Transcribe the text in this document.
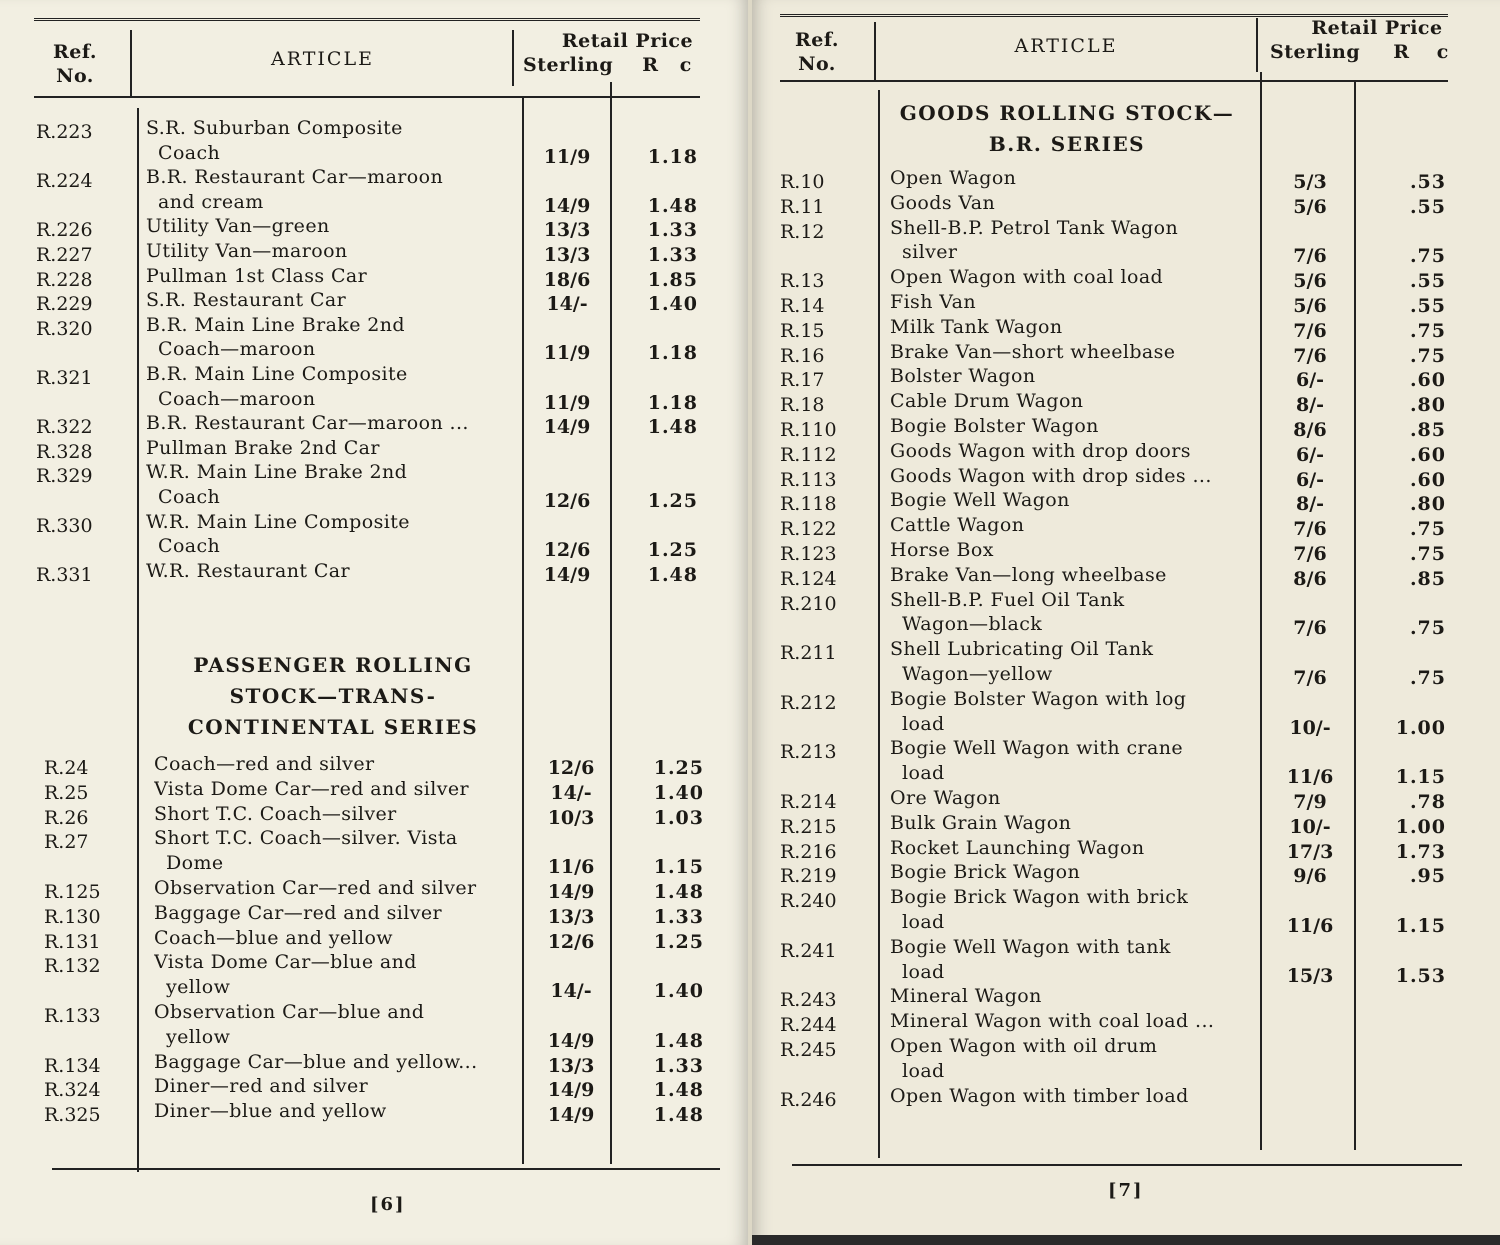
Ref.
No.
ARTICLE
Retail Price
Sterling R c
R.223	S.R. Suburban Composite
Coach	11/9	1.18
R.224	B.R. Restaurant Car—maroon
and cream	14/9	1.48
R.226	Utility Van—green	13/3	1.33
R.227	Utility Van—maroon	13/3	1.33
R.228	Pullman 1st Class Car	18/6	1.85
R.229	S.R. Restaurant Car	14/-	1.40
R.320	B.R. Main Line Brake 2nd
Coach—maroon	11/9	1.18
R.321	B.R. Main Line Composite
Coach—maroon	11/9	1.18
R.322	B.R. Restaurant Car—maroon ...	14/9	1.48
R.328	Pullman Brake 2nd Car
R.329	W.R. Main Line Brake 2nd
Coach	12/6	1.25
R.330	W.R. Main Line Composite
Coach	12/6	1.25
R.331	W.R. Restaurant Car	14/9	1.48
PASSENGER ROLLING
STOCK—TRANS-
CONTINENTAL SERIES
R.24	Coach—red and silver	12/6	1.25
R.25	Vista Dome Car—red and silver	14/-	1.40
R.26	Short T.C. Coach—silver	10/3	1.03
R.27	Short T.C. Coach—silver. Vista
Dome	11/6	1.15
R.125	Observation Car—red and silver	14/9	1.48
R.130	Baggage Car—red and silver	13/3	1.33
R.131	Coach—blue and yellow	12/6	1.25
R.132	Vista Dome Car—blue and
yellow	14/-	1.40
R.133	Observation Car—blue and
yellow	14/9	1.48
R.134	Baggage Car—blue and yellow...	13/3	1.33
R.324	Diner—red and silver	14/9	1.48
R.325	Diner—blue and yellow	14/9	1.48
[6]
Ref.
No.
ARTICLE
Retail Price
Sterling R c
GOODS ROLLING STOCK—
B.R. SERIES
R.10	Open Wagon	5/3	.53
R.11	Goods Van	5/6	.55
R.12	Shell-B.P. Petrol Tank Wagon
silver	7/6	.75
R.13	Open Wagon with coal load	5/6	.55
R.14	Fish Van	5/6	.55
R.15	Milk Tank Wagon	7/6	.75
R.16	Brake Van—short wheelbase	7/6	.75
R.17	Bolster Wagon	6/-	.60
R.18	Cable Drum Wagon	8/-	.80
R.110	Bogie Bolster Wagon	8/6	.85
R.112	Goods Wagon with drop doors	6/-	.60
R.113	Goods Wagon with drop sides ...	6/-	.60
R.118	Bogie Well Wagon	8/-	.80
R.122	Cattle Wagon	7/6	.75
R.123	Horse Box	7/6	.75
R.124	Brake Van—long wheelbase	8/6	.85
R.210	Shell-B.P. Fuel Oil Tank
Wagon—black	7/6	.75
R.211	Shell Lubricating Oil Tank
Wagon—yellow	7/6	.75
R.212	Bogie Bolster Wagon with log
load	10/-	1.00
R.213	Bogie Well Wagon with crane
load	11/6	1.15
R.214	Ore Wagon	7/9	.78
R.215	Bulk Grain Wagon	10/-	1.00
R.216	Rocket Launching Wagon	17/3	1.73
R.219	Bogie Brick Wagon	9/6	.95
R.240	Bogie Brick Wagon with brick
load	11/6	1.15
R.241	Bogie Well Wagon with tank
load	15/3	1.53
R.243	Mineral Wagon
R.244	Mineral Wagon with coal load ...
R.245	Open Wagon with oil drum
load
R.246	Open Wagon with timber load
[7]
